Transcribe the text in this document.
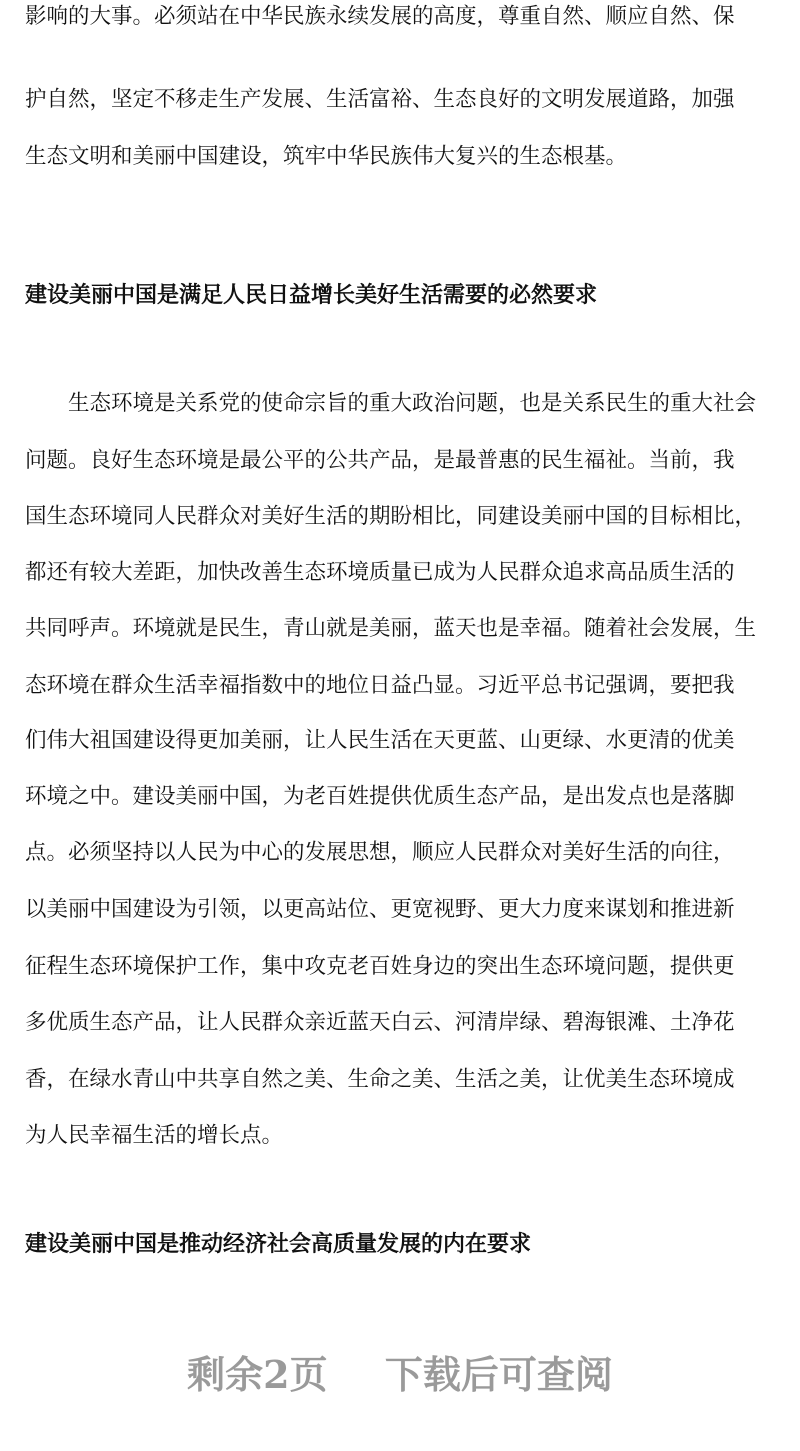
影响的大事。必须站在中华民族永续发展的高度，尊重自然、顺应自然、保
护自然，坚定不移走生产发展、生活富裕、生态良好的文明发展道路，加强
生态文明和美丽中国建设，筑牢中华民族伟大复兴的生态根基。
建设美丽中国是满足人民日益增长美好生活需要的必然要求
生态环境是关系党的使命宗旨的重大政治问题，也是关系民生的重大社会
问题。良好生态环境是最公平的公共产品，是最普惠的民生福祉。当前，我
国生态环境同人民群众对美好生活的期盼相比，同建设美丽中国的目标相比，
都还有较大差距，加快改善生态环境质量已成为人民群众追求高品质生活的
共同呼声。环境就是民生，青山就是美丽，蓝天也是幸福。随着社会发展，生
态环境在群众生活幸福指数中的地位日益凸显。习近平总书记强调，要把我
们伟大祖国建设得更加美丽，让人民生活在天更蓝、山更绿、水更清的优美
环境之中。建设美丽中国，为老百姓提供优质生态产品，是出发点也是落脚
点。必须坚持以人民为中心的发展思想，顺应人民群众对美好生活的向往，
以美丽中国建设为引领，以更高站位、更宽视野、更大力度来谋划和推进新
征程生态环境保护工作，集中攻克老百姓身边的突出生态环境问题，提供更
多优质生态产品，让人民群众亲近蓝天白云、河清岸绿、碧海银滩、土净花
香，在绿水青山中共享自然之美、生命之美、生活之美，让优美生态环境成
为人民幸福生活的增长点。
建设美丽中国是推动经济社会高质量发展的内在要求
剩余2页 下载后可查阅
